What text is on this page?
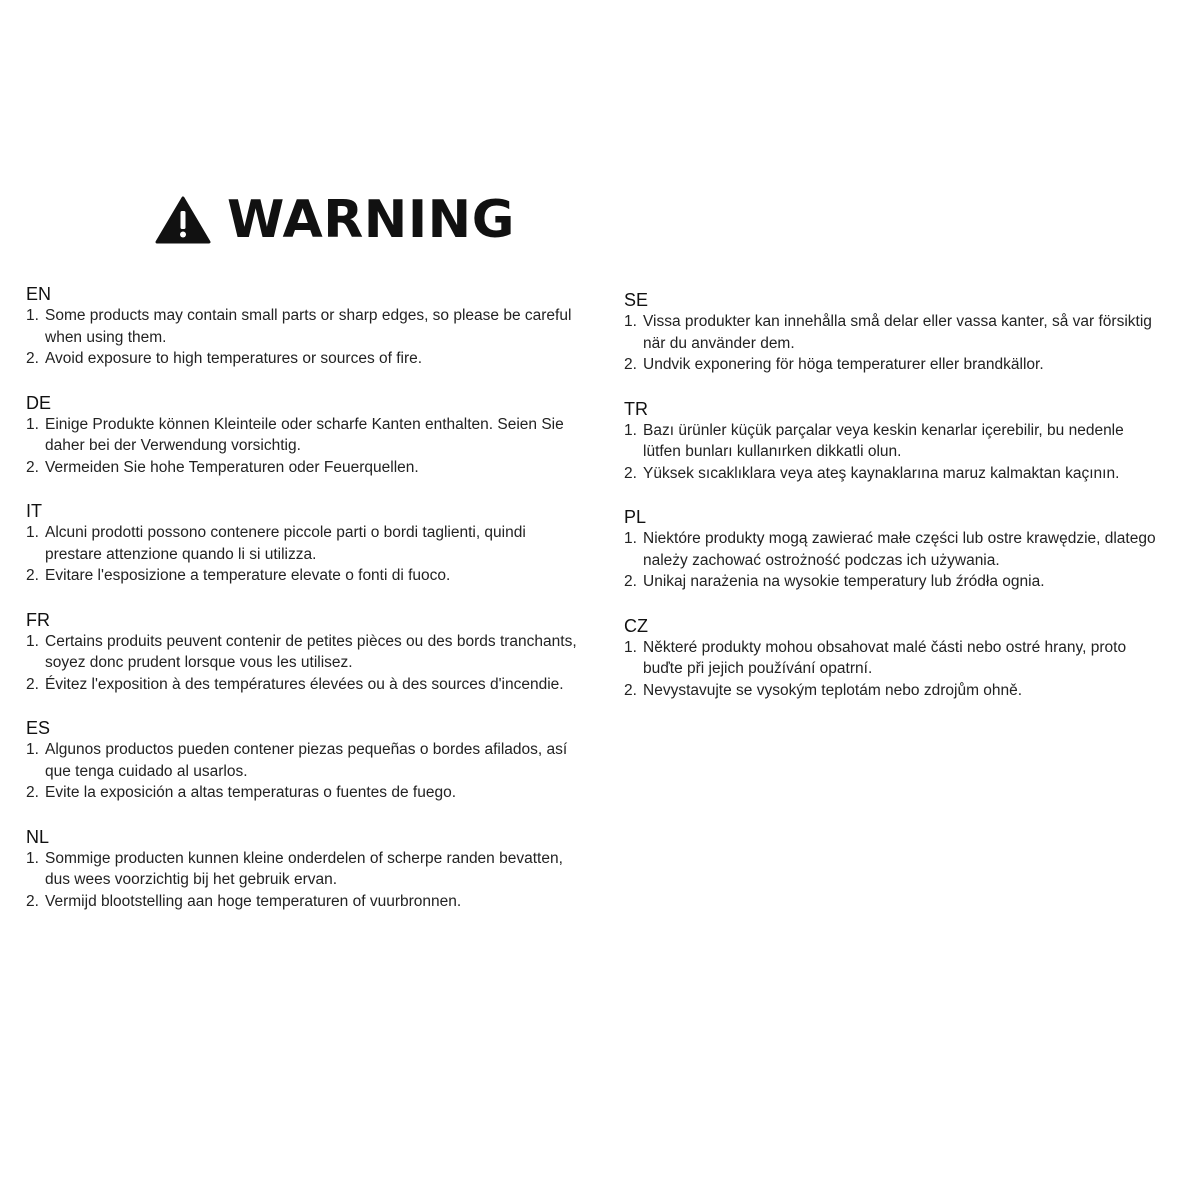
WARNING
EN
1. Some products may contain small parts or sharp edges, so please be careful when using them.
2. Avoid exposure to high temperatures or sources of fire.
DE
1. Einige Produkte können Kleinteile oder scharfe Kanten enthalten. Seien Sie daher bei der Verwendung vorsichtig.
2. Vermeiden Sie hohe Temperaturen oder Feuerquellen.
IT
1. Alcuni prodotti possono contenere piccole parti o bordi taglienti, quindi prestare attenzione quando li si utilizza.
2. Evitare l'esposizione a temperature elevate o fonti di fuoco.
FR
1. Certains produits peuvent contenir de petites pièces ou des bords tranchants, soyez donc prudent lorsque vous les utilisez.
2. Évitez l'exposition à des températures élevées ou à des sources d'incendie.
ES
1. Algunos productos pueden contener piezas pequeñas o bordes afilados, así que tenga cuidado al usarlos.
2. Evite la exposición a altas temperaturas o fuentes de fuego.
NL
1. Sommige producten kunnen kleine onderdelen of scherpe randen bevatten, dus wees voorzichtig bij het gebruik ervan.
2. Vermijd blootstelling aan hoge temperaturen of vuurbronnen.
SE
1. Vissa produkter kan innehålla små delar eller vassa kanter, så var försiktig när du använder dem.
2. Undvik exponering för höga temperaturer eller brandkällor.
TR
1. Bazı ürünler küçük parçalar veya keskin kenarlar içerebilir, bu nedenle lütfen bunları kullanırken dikkatli olun.
2. Yüksek sıcaklıklara veya ateş kaynaklarına maruz kalmaktan kaçının.
PL
1. Niektóre produkty mogą zawierać małe części lub ostre krawędzie, dlatego należy zachować ostrożność podczas ich używania.
2. Unikaj narażenia na wysokie temperatury lub źródła ognia.
CZ
1. Některé produkty mohou obsahovat malé části nebo ostré hrany, proto buďte při jejich používání opatrní.
2. Nevystavujte se vysokým teplotám nebo zdrojům ohně.
